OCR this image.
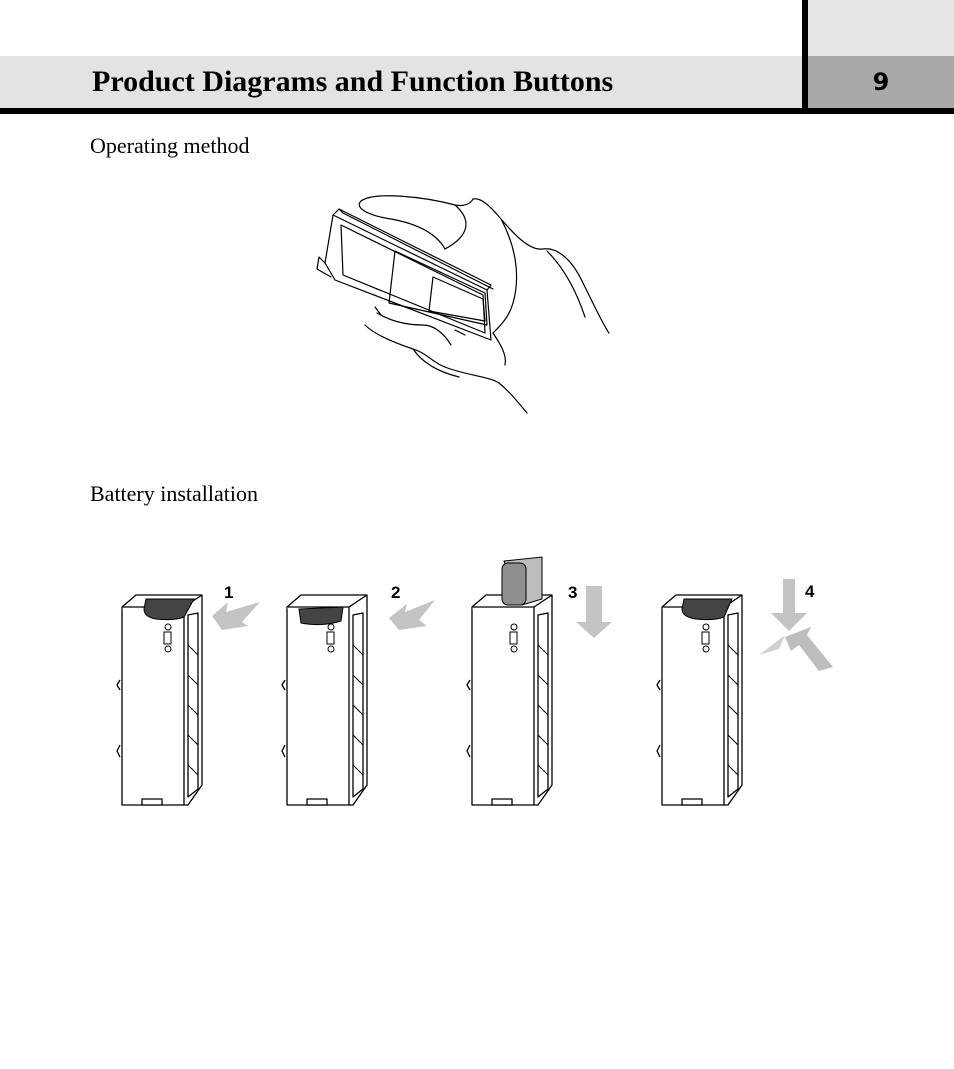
9
Product Diagrams and Function Buttons

Operating method

Battery installation

1	2	3	4
